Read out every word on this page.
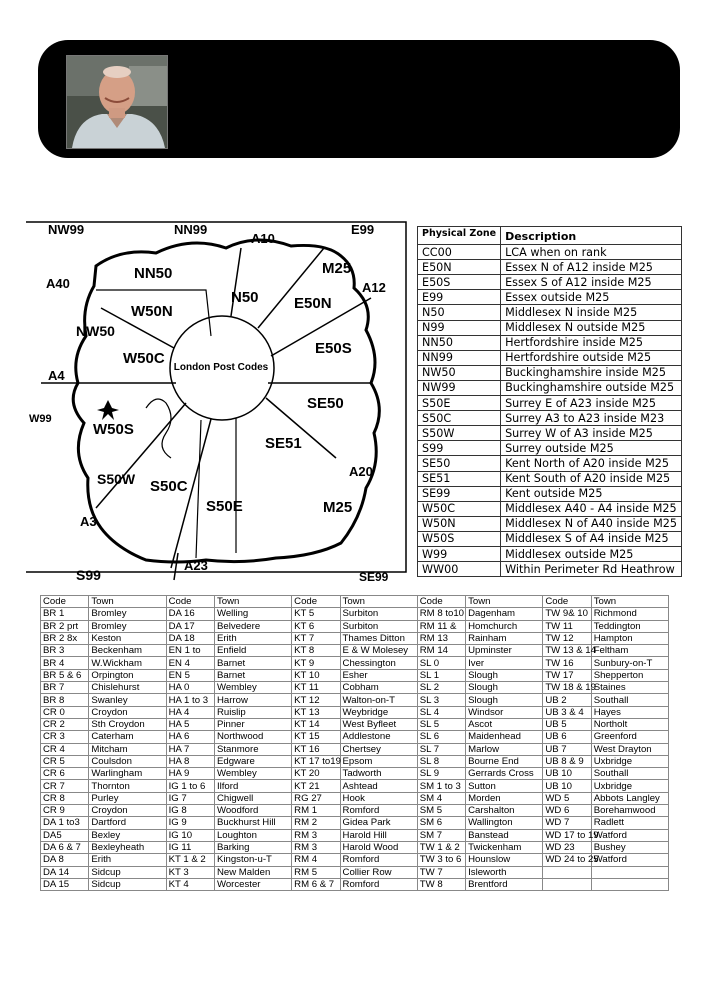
London Post Codes
NW99	NN99
A10
E99
NN50	M25
A40
W50N
N50 E50N
A12
NW50
W50C
E50S
A4
W99
SE50
W50S
SE51
A20
S50W S50C
S50E	M25
A3
A23
S99	SE99
Physical Zone	Description
CC00	LCA when on rank
E50N	Essex N of A12 inside M25
E50S	Essex S of A12 inside M25
E99	Essex outside M25
N50	Middlesex N inside M25
N99	Middlesex N outside M25
NN50	Hertfordshire inside M25
NN99	Hertfordshire outside M25
NW50	Buckinghamshire inside M25
NW99	Buckinghamshire outside M25
S50E	Surrey E of A23 inside M25
S50C	Surrey A3 to A23 inside M23
S50W	Surrey W of A3 inside M25
S99	Surrey outside M25
SE50	Kent North of A20 inside M25
SE51	Kent South of A20 inside M25
SE99	Kent outside M25
W50C	Middlesex A40 - A4 inside M25
W50N	Middlesex N of A40 inside M25
W50S	Middlesex S of A4 inside M25
W99	Middlesex outside M25
WW00	Within Perimeter Rd Heathrow
Code	Town	Code	Town	Code	Town	Code	Town	Code	Town
BR 1	Bromley	DA 16	Welling	KT 5	Surbiton	RM 8 to10	Dagenham	TW 9& 10	Richmond
BR 2 prt	Bromley	DA 17	Belvedere	KT 6	Surbiton	RM 11 &	Homchurch	TW 11	Teddington
BR 2 8x	Keston	DA 18	Erith	KT 7	Thames Ditton	RM 13	Rainham	TW 12	Hampton
BR 3	Beckenham	EN 1 to	Enfield	KT 8	E & W Molesey	RM 14	Upminster	TW 13 & 14	Feltham
BR 4	W.Wickham	EN 4	Barnet	KT 9	Chessington	SL 0	Iver	TW 16	Sunbury-on-T
BR 5 & 6	Orpington	EN 5	Barnet	KT 10	Esher	SL 1	Slough	TW 17	Shepperton
BR 7	Chislehurst	HA 0	Wembley	KT 11	Cobham	SL 2	Slough	TW 18 & 19	Staines
BR 8	Swanley	HA 1 to 3	Harrow	KT 12	Walton-on-T	SL 3	Slough	UB 2	Southall
CR 0	Croydon	HA 4	Ruislip	KT 13	Weybridge	SL 4	Windsor	UB 3 & 4	Hayes
CR 2	Sth Croydon	HA 5	Pinner	KT 14	West Byfleet	SL 5	Ascot	UB 5	Northolt
CR 3	Caterham	HA 6	Northwood	KT 15	Addlestone	SL 6	Maidenhead	UB 6	Greenford
CR 4	Mitcham	HA 7	Stanmore	KT 16	Chertsey	SL 7	Marlow	UB 7	West Drayton
CR 5	Coulsdon	HA 8	Edgware	KT 17 to19	Epsom	SL 8	Bourne End	UB 8 & 9	Uxbridge
CR 6	Warlingham	HA 9	Wembley	KT 20	Tadworth	SL 9	Gerrards Cross	UB 10	Southall
CR 7	Thornton	IG 1 to 6	Ilford	KT 21	Ashtead	SM 1 to 3	Sutton	UB 10	Uxbridge
CR 8	Purley	IG 7	Chigwell	RG 27	Hook	SM 4	Morden	WD 5	Abbots Langley
CR 9	Croydon	IG 8	Woodford	RM 1	Romford	SM 5	Carshalton	WD 6	Borehamwood
DA 1 to3	Dartford	IG 9	Buckhurst Hill	RM 2	Gidea Park	SM 6	Wallington	WD 7	Radlett
DA5	Bexley	IG 10	Loughton	RM 3	Harold Hill	SM 7	Banstead	WD 17 to 19	Watford
DA 6 & 7	Bexleyheath	IG 11	Barking	RM 3	Harold Wood	TW 1 & 2	Twickenham	WD 23	Bushey
DA 8	Erith	KT 1 & 2	Kingston-u-T	RM 4	Romford	TW 3 to 6	Hounslow	WD 24 to 25	Watford
DA 14	Sidcup	KT 3	New Malden	RM 5	Collier Row	TW 7	Isleworth		
DA 15	Sidcup	KT 4	Worcester	RM 6 & 7	Romford	TW 8	Brentford		
